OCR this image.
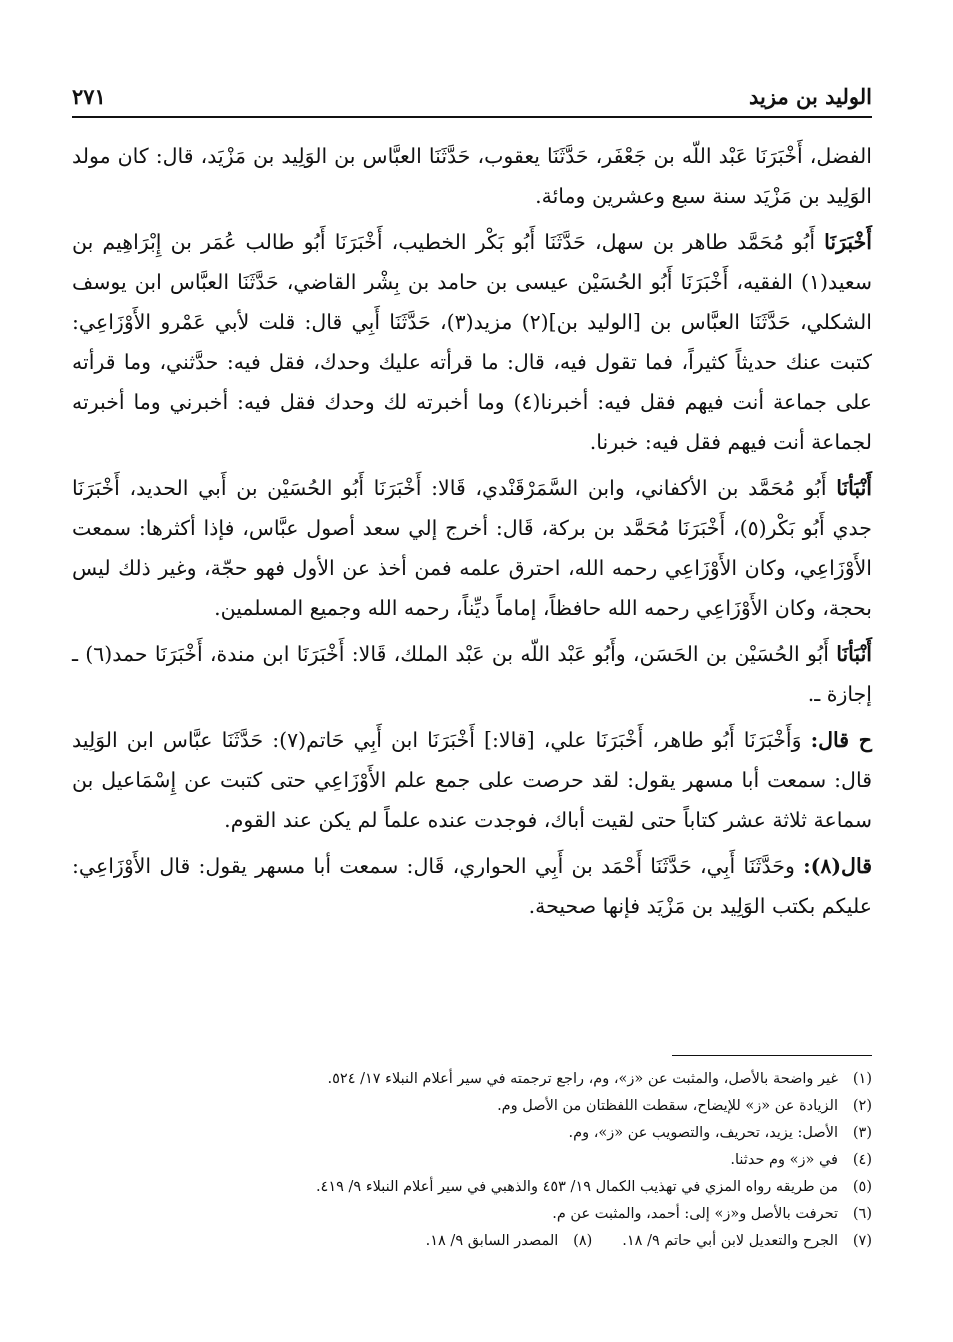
الوليد بن مزيد
٢٧١

الفضل، أَخْبَرَنَا عَبْد اللّه بن جَعْفَر، حَدَّثَنَا يعقوب، حَدَّثَنَا العبَّاس بن الوَلِيد بن مَزْيَد، قال: كان مولد الوَلِيد بن مَزْيَد سنة سبع وعشرين ومائة.

أَخْبَرَنَا أَبُو مُحَمَّد طاهر بن سهل، حَدَّثَنَا أَبُو بَكْر الخطيب، أَخْبَرَنَا أَبُو طالب عُمَر بن إِبْرَاهِيم بن سعيد(١) الفقيه، أَخْبَرَنَا أَبُو الحُسَيْن عيسى بن حامد بن بِشْر القاضي، حَدَّثَنَا العبَّاس ابن يوسف الشكلي، حَدَّثَنَا العبَّاس بن [الوليد بن](٢) مزيد(٣)، حَدَّثَنَا أَبِي قال: قلت لأبي عَمْرو الأَوْزَاعِي: كتبت عنك حديثاً كثيراً، فما تقول فيه، قال: ما قرأته عليك وحدك، فقل فيه: حدَّثني، وما قرأته على جماعة أنت فيهم فقل فيه: أخبرنا(٤) وما أخبرته لك وحدك فقل فيه: أخبرني وما أخبرته لجماعة أنت فيهم فقل فيه: خبرنا.

أَنْبَأنَا أَبُو مُحَمَّد بن الأكفاني، وابن السَّمَرْقَنْدي، قَالا: أَخْبَرَنَا أَبُو الحُسَيْن بن أَبي الحديد، أَخْبَرَنَا جدي أَبُو بَكْر(٥)، أَخْبَرَنَا مُحَمَّد بن بركة، قَال: أخرج إلي سعد أصول عبَّاس، فإذا أكثرها: سمعت الأَوْزَاعِي، وكان الأَوْزَاعِي رحمه الله، احترق علمه فمن أخذ عن الأول فهو حجّة، وغير ذلك ليس بحجة، وكان الأَوْزَاعِي رحمه الله حافظاً، إماماً ديِّناً، رحمه الله وجميع المسلمين.

أَنْبَأنَا أَبُو الحُسَيْن بن الحَسَن، وأَبُو عَبْد اللّه بن عَبْد الملك، قَالا: أَخْبَرَنَا ابن مندة، أَخْبَرَنَا حمد(٦) ـ إجازة ـ.

ح قال: وَأَخْبَرَنَا أَبُو طاهر، أَخْبَرَنَا علي، [قالا:] أَخْبَرَنَا ابن أَبِي حَاتم(٧): حَدَّثَنَا عبَّاس ابن الوَلِيد قال: سمعت أبا مسهر يقول: لقد حرصت على جمع علم الأَوْزَاعِي حتى كتبت عن إِسْمَاعيل بن سماعة ثلاثة عشر كتاباً حتى لقيت أباك، فوجدت عنده علماً لم يكن عند القوم.

قال(٨): وحَدَّثَنَا أَبِي، حَدَّثَنَا أَحْمَد بن أَبِي الحواري، قَال: سمعت أبا مسهر يقول: قال الأَوْزَاعِي: عليكم بكتب الوَلِيد بن مَزْيَد فإنها صحيحة.

(١)غير واضحة بالأصل، والمثبت عن «ز»، وم، راجع ترجمته في سير أعلام النبلاء ١٧/ ٥٢٤.
(٢)الزيادة عن «ز» للإيضاح، سقطت اللفظتان من الأصل وم.
(٣)الأصل: يزيد، تحريف، والتصويب عن «ز»، وم.
(٤)في «ز» وم حدثنا.
(٥)من طريقه رواه المزي في تهذيب الكمال ١٩/ ٤٥٣ والذهبي في سير أعلام النبلاء ٩/ ٤١٩.
(٦)تحرفت بالأصل و«ز» إلى: أحمد، والمثبت عن م.
(٧)الجرح والتعديل لابن أبي حاتم ٩/ ١٨.(٨)المصدر السابق ٩/ ١٨.
